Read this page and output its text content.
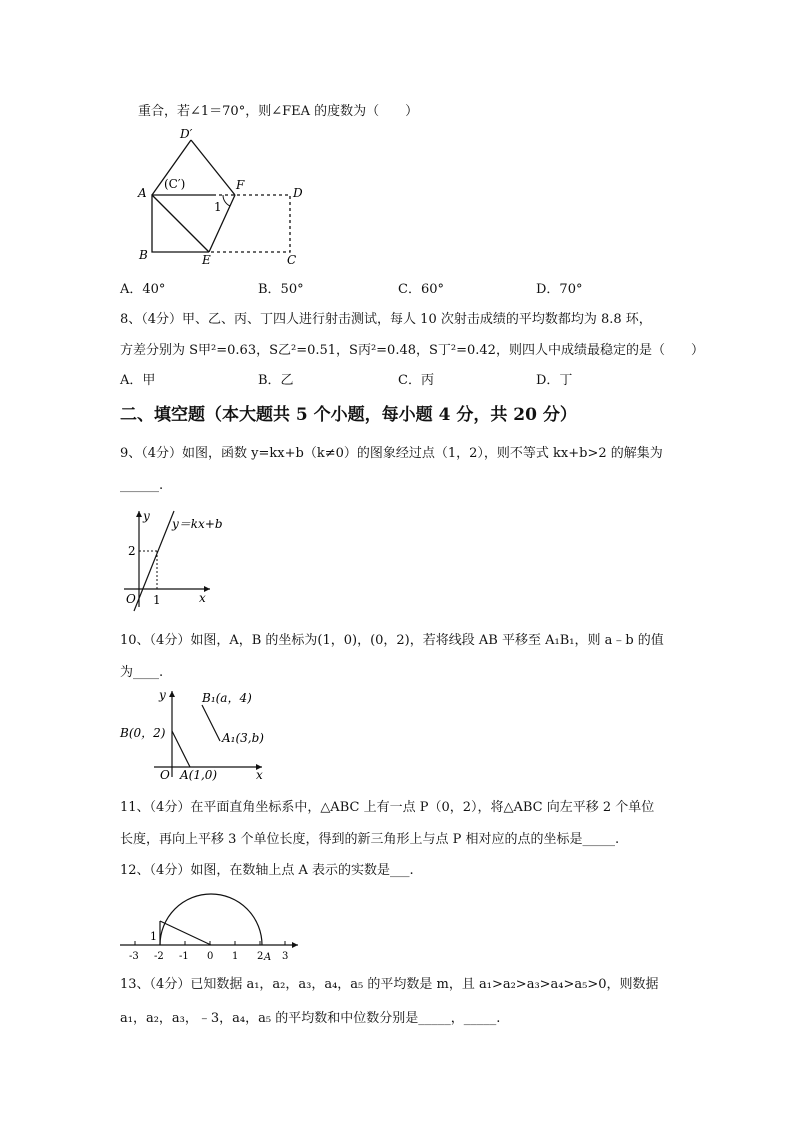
重合，若∠1＝70°，则∠FEA 的度数为（　　）
D′
A
(C′)	F
D
1
B	E	C
A．40°	B．50°	C．60°	D．70°
8、（4分）甲、乙、丙、丁四人进行射击测试，每人 10 次射击成绩的平均数都均为 8.8 环，
方差分别为 S甲²=0.63，S乙²=0.51，S丙²=0.48，S丁²=0.42，则四人中成绩最稳定的是（　　）
A．甲	B．乙	C．丙	D．丁
二、填空题（本大题共 5 个小题，每小题 4 分，共 20 分）
9、（4分）如图，函数 y=kx+b（k≠0）的图象经过点（1，2），则不等式 kx+b>2 的解集为
______.
y
y＝kx+b
2
O 1	x
10、（4分）如图，A，B 的坐标为(1，0)，(0，2)，若将线段 AB 平移至 A₁B₁，则 a﹣b 的值
为____.
y	B₁(a，4)
A₁(3,b)
B(0，2)
O A(1,0)	x
11、（4分）在平面直角坐标系中，△ABC 上有一点 P（0，2），将△ABC 向左平移 2 个单位
长度，再向上平移 3 个单位长度，得到的新三角形上与点 P 相对应的点的坐标是_____.
12、（4分）如图，在数轴上点 A 表示的实数是___.
-3 -2 -1 0 1 2 3
1
A
13、（4分）已知数据 a₁，a₂，a₃，a₄，a₅ 的平均数是 m，且 a₁>a₂>a₃>a₄>a₅>0，则数据
a₁，a₂，a₃，﹣3，a₄，a₅ 的平均数和中位数分别是_____，_____.
